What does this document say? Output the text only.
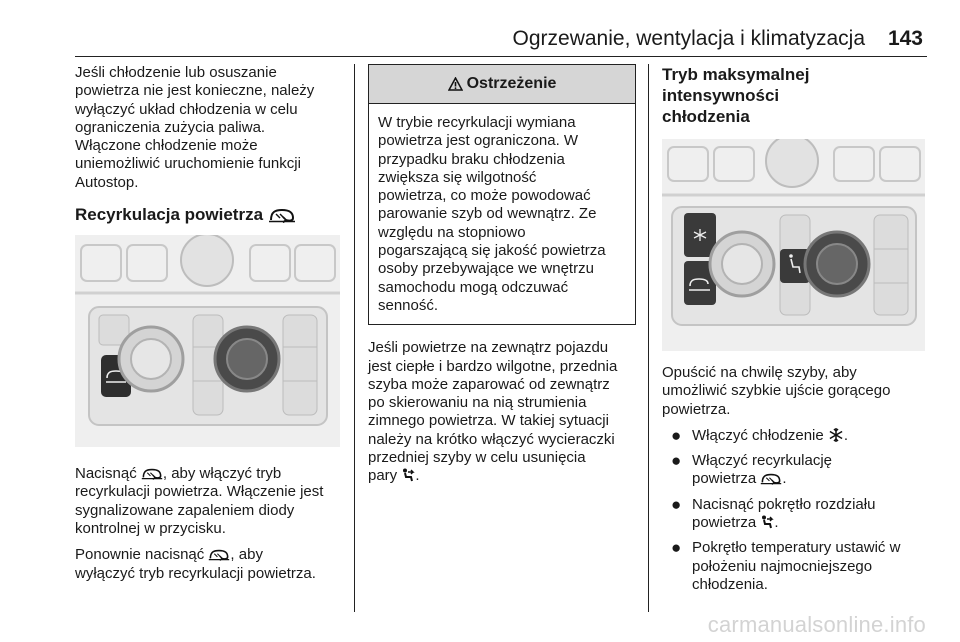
Ogrzewanie, wentylacja i klimatyzacja 143

Jeśli chłodzenie lub osuszanie

powietrza nie jest konieczne, należy

wyłączyć układ chłodzenia w celu

ograniczenia zużycia paliwa.

Włączone chłodzenie może

uniemożliwić uruchomienie funkcji

Autostop.

Recyrkulacja powietrza

Nacisnąć , aby włączyć tryb

recyrkulacji powietrza. Włączenie jest

sygnalizowane zapaleniem diody

kontrolnej w przycisku.

Ponownie nacisnąć , aby

wyłączyć tryb recyrkulacji powietrza.

Ostrzeżenie

W trybie recyrkulacji wymiana

powietrza jest ograniczona. W

przypadku braku chłodzenia

zwiększa się wilgotność

powietrza, co może powodować

parowanie szyb od wewnątrz. Ze

względu na stopniowo

pogarszającą się jakość powietrza

osoby przebywające we wnętrzu

samochodu mogą odczuwać

senność.

Jeśli powietrze na zewnątrz pojazdu

jest ciepłe i bardzo wilgotne, przednia

szyba może zaparować od zewnątrz

po skierowaniu na nią strumienia

zimnego powietrza. W takiej sytuacji

należy na krótko włączyć wycieraczki

przedniej szyby w celu usunięcia

pary .

Tryb maksymalnej intensywności
chłodzenia

Opuścić na chwilę szyby, aby

umożliwić szybkie ujście gorącego

powietrza.

● Włączyć chłodzenie .
● Włączyć recyrkulację
powietrza .
● Nacisnąć pokrętło rozdziału
powietrza .
● Pokrętło temperatury ustawić w
położeniu najmocniejszego
chłodzenia.
carmanualsonline.info
